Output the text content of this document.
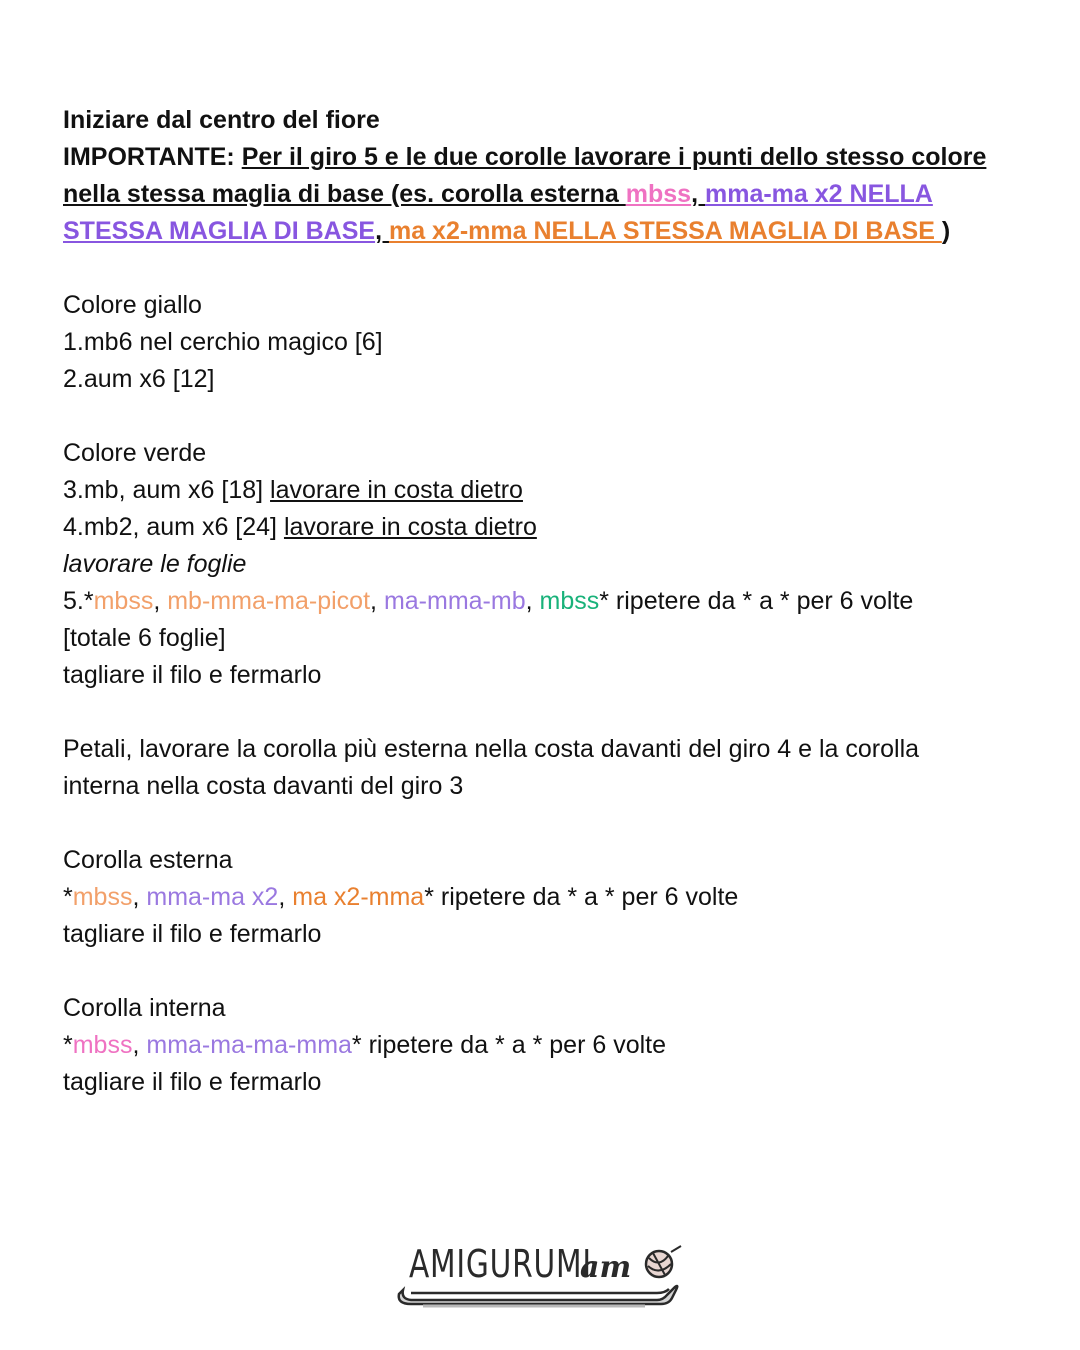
Iniziare dal centro del fiore
IMPORTANTE: Per il giro 5 e le due corolle lavorare i punti dello stesso colore nella stessa maglia di base (es. corolla esterna mbss, mma-ma x2 NELLA STESSA MAGLIA DI BASE, ma x2-mma NELLA STESSA MAGLIA DI BASE )
Colore giallo
1.mb6 nel cerchio magico [6]
2.aum x6 [12]
Colore verde
3.mb, aum x6 [18] lavorare in costa dietro
4.mb2, aum x6 [24] lavorare in costa dietro
lavorare le foglie
5.*mbss, mb-mma-ma-picot, ma-mma-mb, mbss* ripetere da * a * per 6 volte
[totale 6 foglie]
tagliare il filo e fermarlo
Petali, lavorare la corolla più esterna nella costa davanti del giro 4 e la corolla
interna nella costa davanti del giro 3
Corolla esterna
*mbss, mma-ma x2, ma x2-mma* ripetere da * a * per 6 volte
tagliare il filo e fermarlo
Corolla interna
*mbss, mma-ma-ma-mma* ripetere da * a * per 6 volte
tagliare il filo e fermarlo
AMIGURUMI
am
